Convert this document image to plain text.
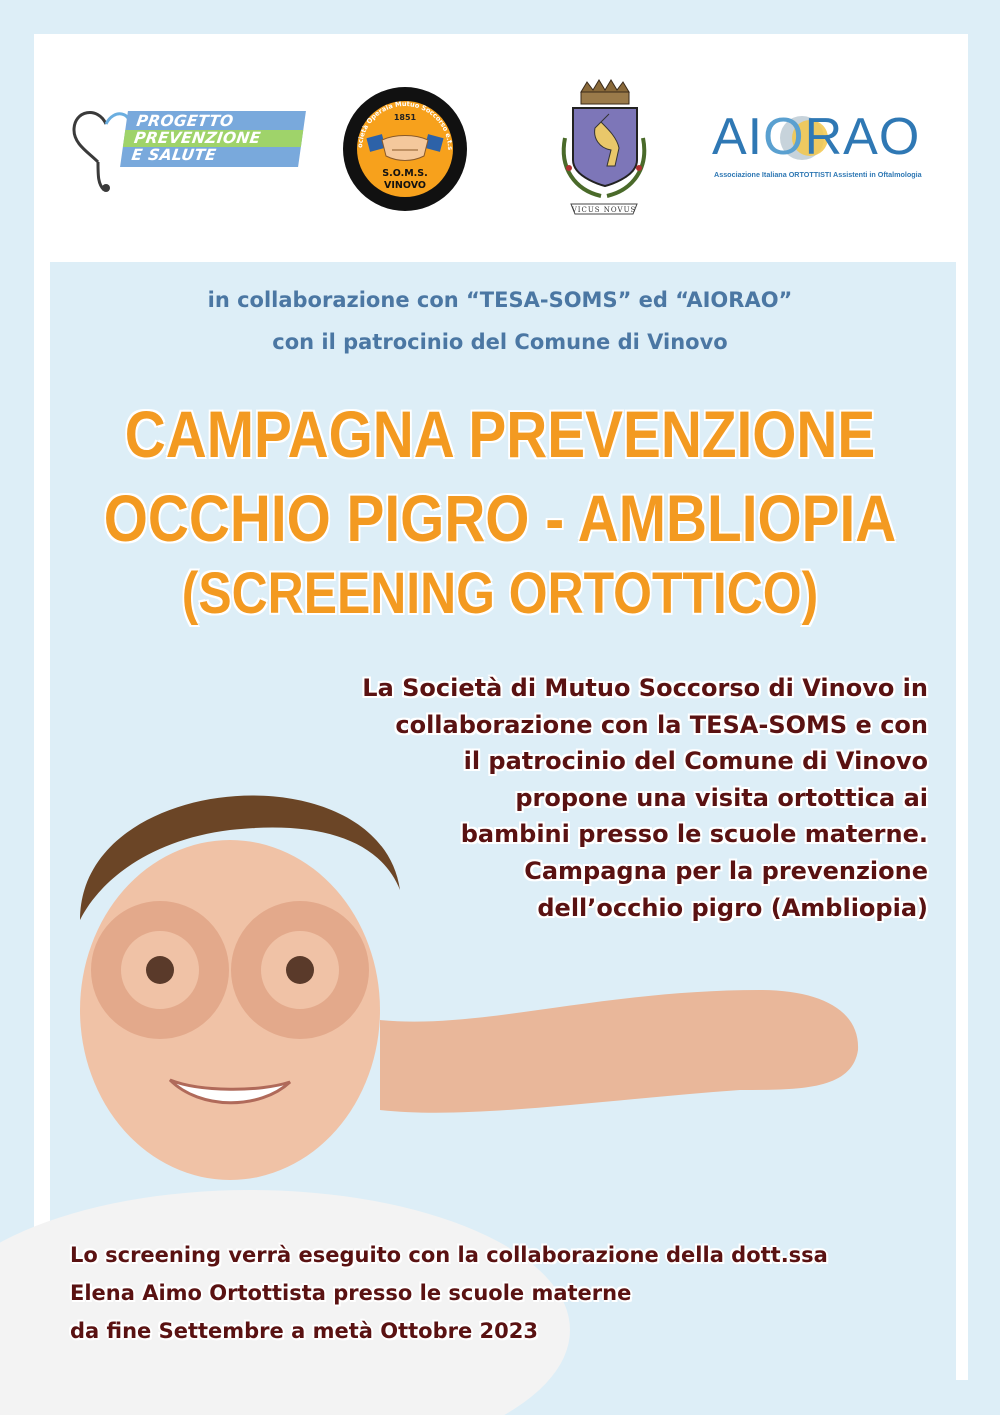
PROGETTO
PREVENZIONE
E SALUTE
ocietà Operaia Mutuo Soccorso e.t.s
1851
S.O.M.S.
VINOVO
VICUS NOVUS
AIORAO
Associazione Italiana ORTOTTISTI Assistenti in Oftalmologia
in collaborazione con “TESA-SOMS” ed “AIORAO”
con il patrocinio del Comune di Vinovo
CAMPAGNA PREVENZIONE
OCCHIO PIGRO - AMBLIOPIA
(SCREENING ORTOTTICO)
La Società di Mutuo Soccorso di Vinovo in
collaborazione con la TESA-SOMS e con
il patrocinio del Comune di Vinovo
propone una visita ortottica ai
bambini presso le scuole materne.
Campagna per la prevenzione
dell’occhio pigro (Ambliopia)
Lo screening verrà eseguito con la collaborazione della dott.ssa
Elena Aimo Ortottista presso le scuole materne
da fine Settembre a metà Ottobre 2023
